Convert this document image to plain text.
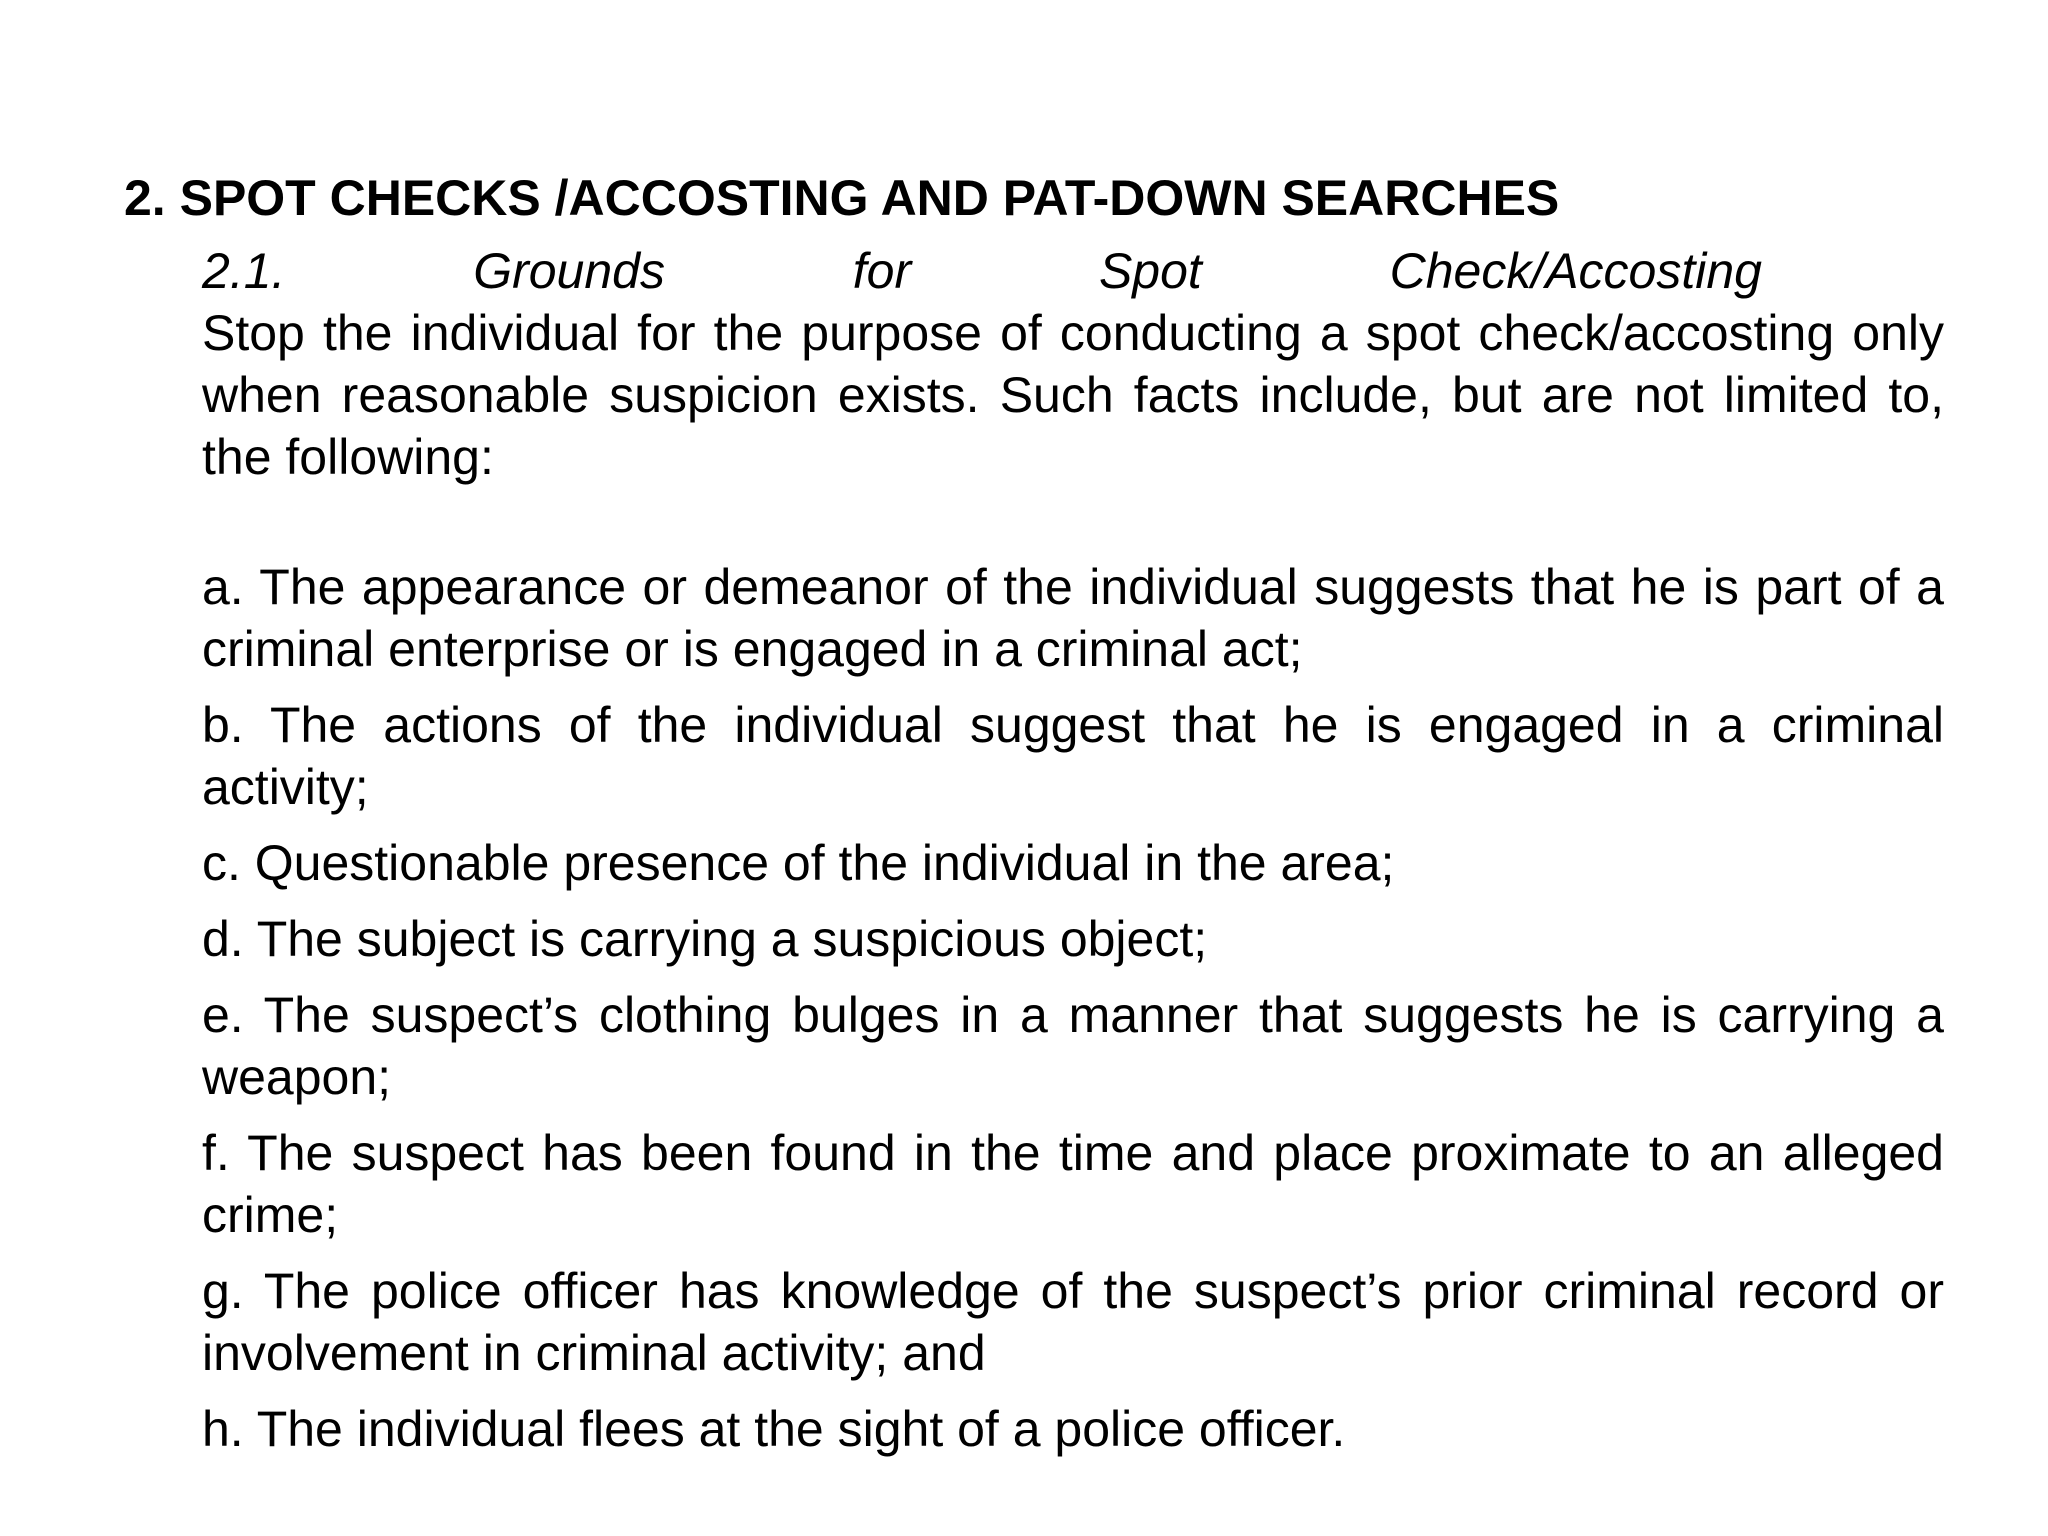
2. SPOT CHECKS /ACCOSTING AND PAT-DOWN SEARCHES
2.1.	Grounds	for	Spot	Check/Accosting

Stop the individual for the purpose of conducting a spot check/accosting only when reasonable suspicion exists. Such facts include, but are not limited to, the following:

a. The appearance or demeanor of the individual suggests that he is part of a criminal enterprise or is engaged in a criminal act;
b. The actions of the individual suggest that he is engaged in a criminal activity;
c. Questionable presence of the individual in the area;
d. The subject is carrying a suspicious object;
e. The suspect’s clothing bulges in a manner that suggests he is carrying a weapon;
f. The suspect has been found in the time and place proximate to an alleged crime;
g. The police officer has knowledge of the suspect’s prior criminal record or involvement in criminal activity; and
h. The individual flees at the sight of a police officer.
